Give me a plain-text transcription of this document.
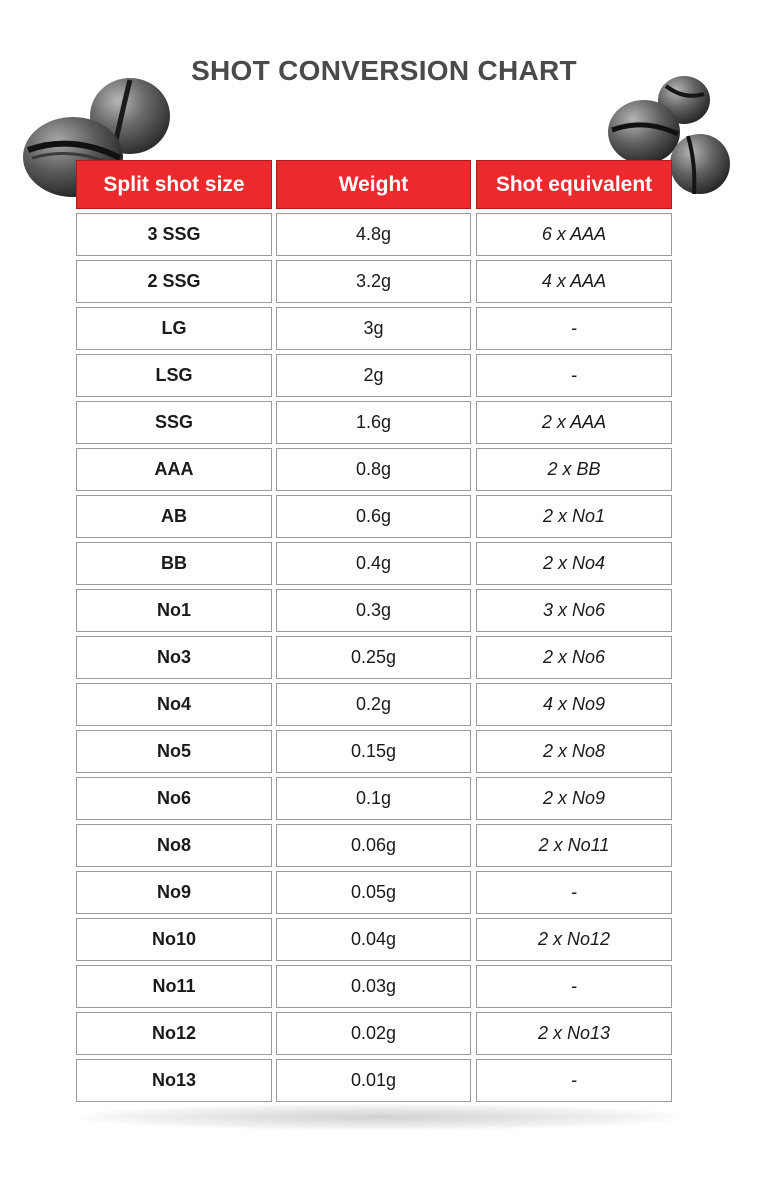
SHOT CONVERSION CHART
Split shot size	Weight	Shot equivalent
3 SSG	4.8g	6 x AAA
2 SSG	3.2g	4 x AAA
LG	3g	-
LSG	2g	-
SSG	1.6g	2 x AAA
AAA	0.8g	2 x BB
AB	0.6g	2 x No1
BB	0.4g	2 x No4
No1	0.3g	3 x No6
No3	0.25g	2 x No6
No4	0.2g	4 x No9
No5	0.15g	2 x No8
No6	0.1g	2 x No9
No8	0.06g	2 x No11
No9	0.05g	-
No10	0.04g	2 x No12
No11	0.03g	-
No12	0.02g	2 x No13
No13	0.01g	-
